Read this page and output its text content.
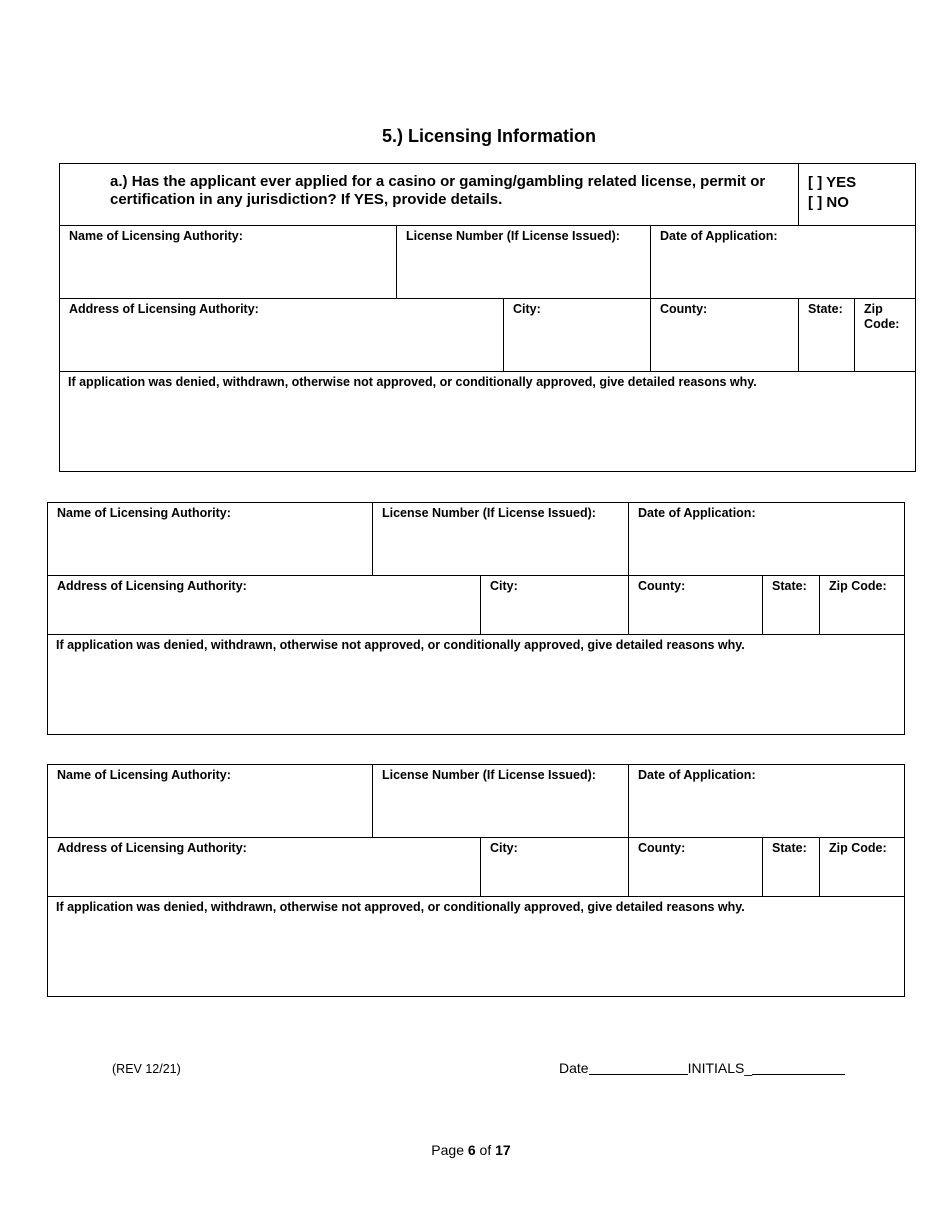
5.) Licensing Information
a.) Has the applicant ever applied for a casino or gaming/gambling related license, permit or certification in any jurisdiction? If YES, provide details.				[ ] YES
[ ] NO	

Name of Licensing Authority:	License Number (If License Issued):		Date of Application:		
Address of Licensing Authority:		City:	County:	State:	Zip Code:
If application was denied, withdrawn, otherwise not approved, or conditionally approved, give detailed reasons why.					
Name of Licensing Authority:	License Number (If License Issued):		Date of Application:		
Address of Licensing Authority:		City:	County:	State:	Zip Code:
If application was denied, withdrawn, otherwise not approved, or conditionally approved, give detailed reasons why.					
Name of Licensing Authority:	License Number (If License Issued):		Date of Application:		
Address of Licensing Authority:		City:	County:	State:	Zip Code:
If application was denied, withdrawn, otherwise not approved, or conditionally approved, give detailed reasons why.					
(REV 12/21)	Date	INITIALS_
Page 6 of 17
